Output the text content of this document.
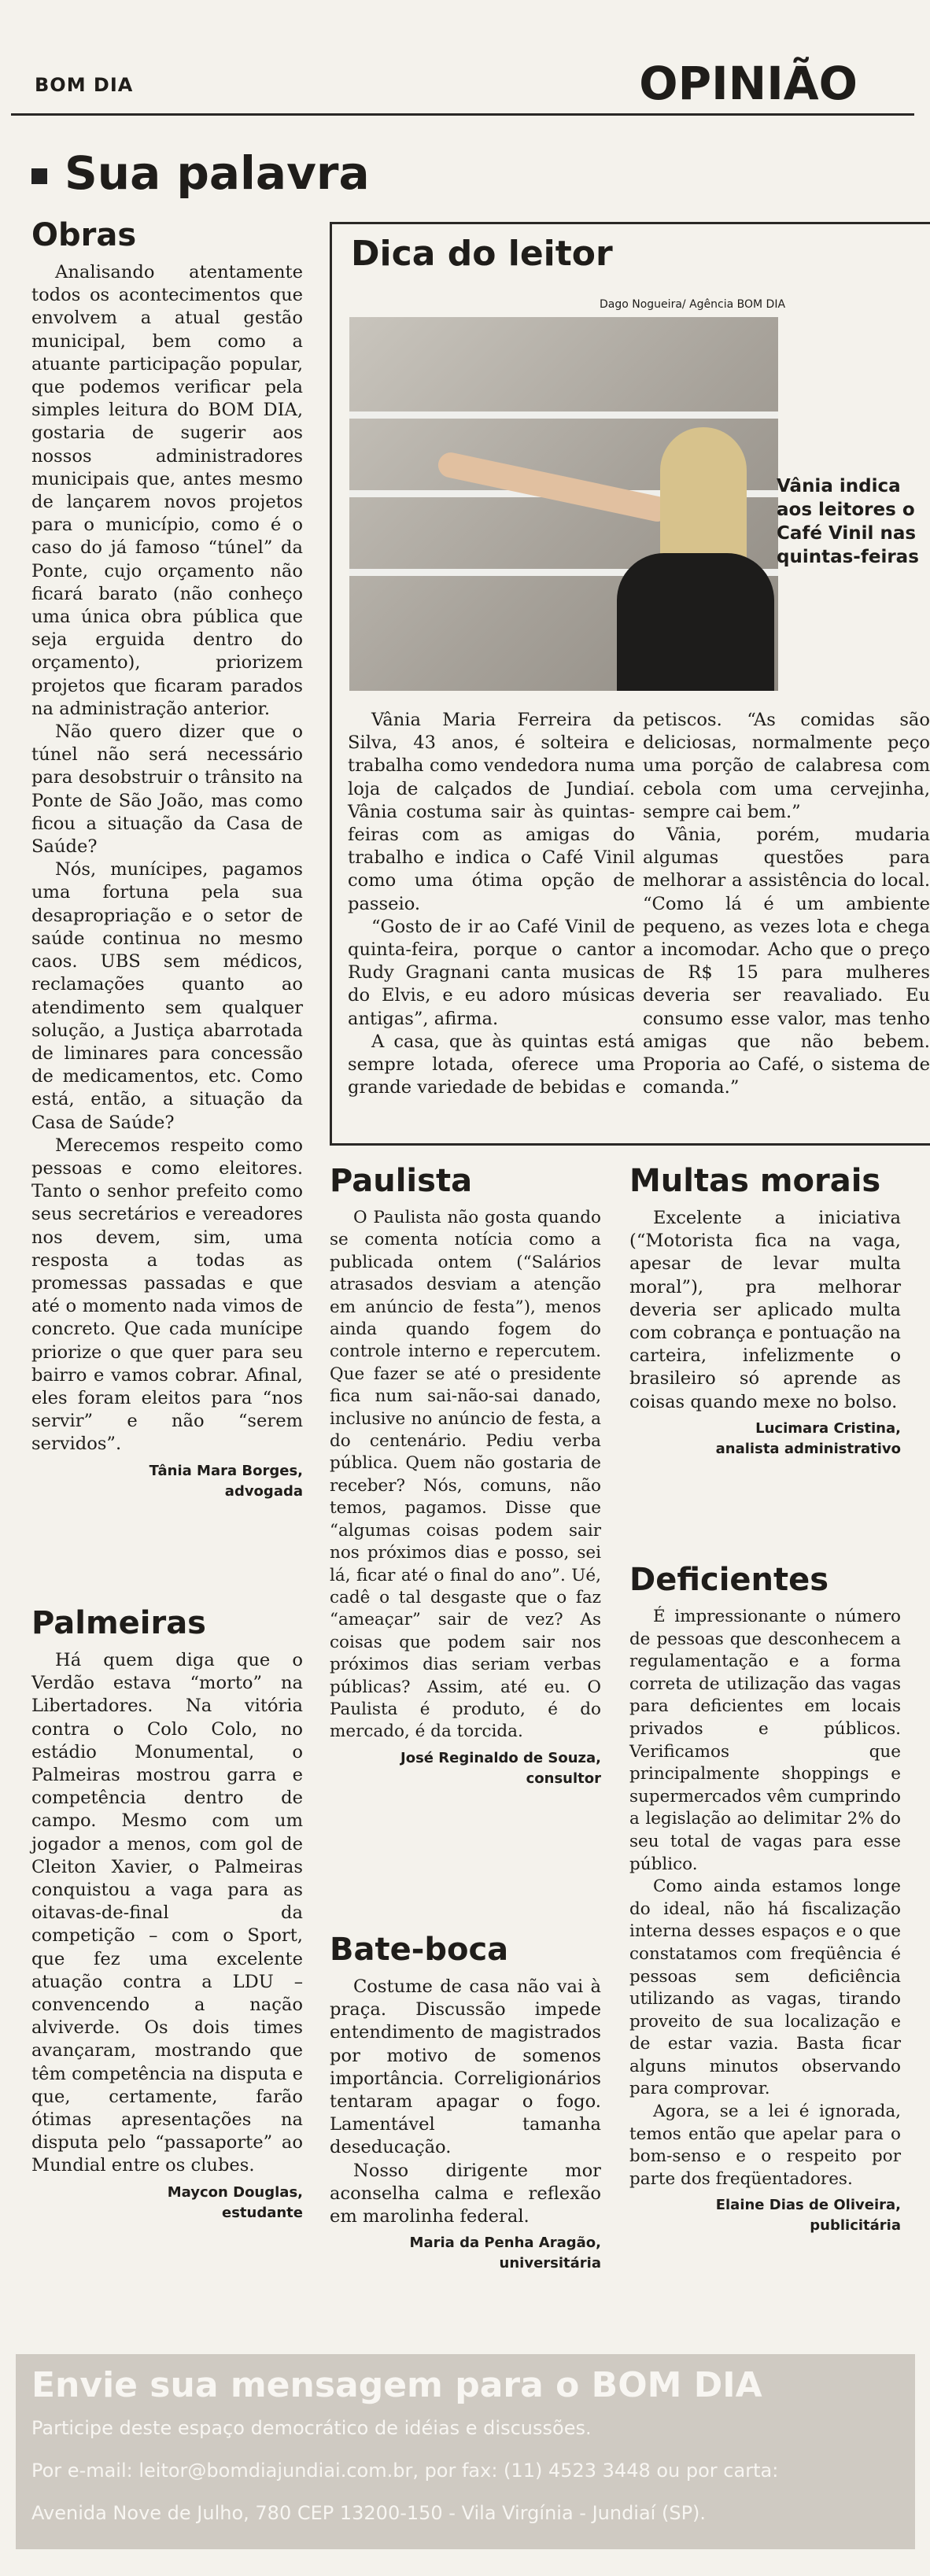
BOM DIA	OPINIÃO
Sua palavra

Obras

Analisando atentamente todos os acontecimentos que envolvem a atual gestão municipal, bem como a atuante participação popular, que podemos verificar pela simples leitura do BOM DIA, gostaria de sugerir aos nossos administradores municipais que, antes mesmo de lançarem novos projetos para o município, como é o caso do já famoso “túnel” da Ponte, cujo orçamento não ficará barato (não conheço uma única obra pública que seja erguida dentro do orçamento), priorizem projetos que ficaram parados na administração anterior.

Não quero dizer que o túnel não será necessário para desobstruir o trânsito na Ponte de São João, mas como ficou a situação da Casa de Saúde?

Nós, munícipes, pagamos uma fortuna pela sua desapropriação e o setor de saúde continua no mesmo caos. UBS sem médicos, reclamações quanto ao atendimento sem qualquer solução, a Justiça abarrotada de liminares para concessão de medicamentos, etc. Como está, então, a situação da Casa de Saúde?

Merecemos respeito como pessoas e como eleitores. Tanto o senhor prefeito como seus secretários e vereadores nos devem, sim, uma resposta a todas as promessas passadas e que até o momento nada vimos de concreto. Que cada munícipe priorize o que quer para seu bairro e vamos cobrar. Afinal, eles foram eleitos para “nos servir” e não “serem servidos”.

Tânia Mara Borges,
advogada

Palmeiras

Há quem diga que o Verdão estava “morto” na Libertadores. Na vitória contra o Colo Colo, no estádio Monumental, o Palmeiras mostrou garra e competência dentro de campo. Mesmo com um jogador a menos, com gol de Cleiton Xavier, o Palmeiras conquistou a vaga para as oitavas-de-final da competição – com o Sport, que fez uma excelente atuação contra a LDU – convencendo a nação alviverde. Os dois times avançaram, mostrando que têm competência na disputa e que, certamente, farão ótimas apresentações na disputa pelo “passaporte” ao Mundial entre os clubes.

Maycon Douglas,
estudante
Dica do leitor
Dago Nogueira/ Agência BOM DIA
Vânia indica aos leitores o Café Vinil nas quintas-feiras

Vânia Maria Ferreira da Silva, 43 anos, é solteira e trabalha como vendedora numa loja de calçados de Jundiaí. Vânia costuma sair às quintas-feiras com as amigas do trabalho e indica o Café Vinil como uma ótima opção de passeio.

“Gosto de ir ao Café Vinil de quinta-feira, porque o cantor Rudy Gragnani canta musicas do Elvis, e eu adoro músicas antigas”, afirma.

A casa, que às quintas está sempre lotada, oferece uma grande variedade de bebidas e

petiscos. “As comidas são deliciosas, normalmente peço uma porção de calabresa com cebola com uma cervejinha, sempre cai bem.”

Vânia, porém, mudaria algumas questões para melhorar a assistência do local. “Como lá é um ambiente pequeno, as vezes lota e chega a incomodar. Acho que o preço de R$ 15 para mulheres deveria ser reavaliado. Eu consumo esse valor, mas tenho amigas que não bebem. Proporia ao Café, o sistema de comanda.”

Paulista

O Paulista não gosta quando se comenta notícia como a publicada ontem (“Salários atrasados desviam a atenção em anúncio de festa”), menos ainda quando fogem do controle interno e repercutem. Que fazer se até o presidente fica num sai-não-sai danado, inclusive no anúncio de festa, a do centenário. Pediu verba pública. Quem não gostaria de receber? Nós, comuns, não temos, pagamos. Disse que “algumas coisas podem sair nos próximos dias e posso, sei lá, ficar até o final do ano”. Ué, cadê o tal desgaste que o faz “ameaçar” sair de vez? As coisas que podem sair nos próximos dias seriam verbas públicas? Assim, até eu. O Paulista é produto, é do mercado, é da torcida.

José Reginaldo de Souza,
consultor

Bate-boca

Costume de casa não vai à praça. Discussão impede entendimento de magistrados por motivo de somenos importância. Correligionários tentaram apagar o fogo. Lamentável tamanha deseducação.

Nosso dirigente mor aconselha calma e reflexão em marolinha federal.

Maria da Penha Aragão,
universitária

Multas morais

Excelente a iniciativa (“Motorista fica na vaga, apesar de levar multa moral”), pra melhorar deveria ser aplicado multa com cobrança e pontuação na carteira, infelizmente o brasileiro só aprende as coisas quando mexe no bolso.

Lucimara Cristina,
analista administrativo

Deficientes

É impressionante o número de pessoas que desconhecem a regulamentação e a forma correta de utilização das vagas para deficientes em locais privados e públicos. Verificamos que principalmente shoppings e supermercados vêm cumprindo a legislação ao delimitar 2% do seu total de vagas para esse público.

Como ainda estamos longe do ideal, não há fiscalização interna desses espaços e o que constatamos com freqüência é pessoas sem deficiência utilizando as vagas, tirando proveito de sua localização e de estar vazia. Basta ficar alguns minutos observando para comprovar.

Agora, se a lei é ignorada, temos então que apelar para o bom-senso e o respeito por parte dos freqüentadores.

Elaine Dias de Oliveira,
publicitária
Envie sua mensagem para o BOM DIA
Participe deste espaço democrático de idéias e discussões.
Por e-mail: leitor@bomdiajundiai.com.br, por fax: (11) 4523 3448 ou por carta:
Avenida Nove de Julho, 780 CEP 13200-150 - Vila Virgínia - Jundiaí (SP).
